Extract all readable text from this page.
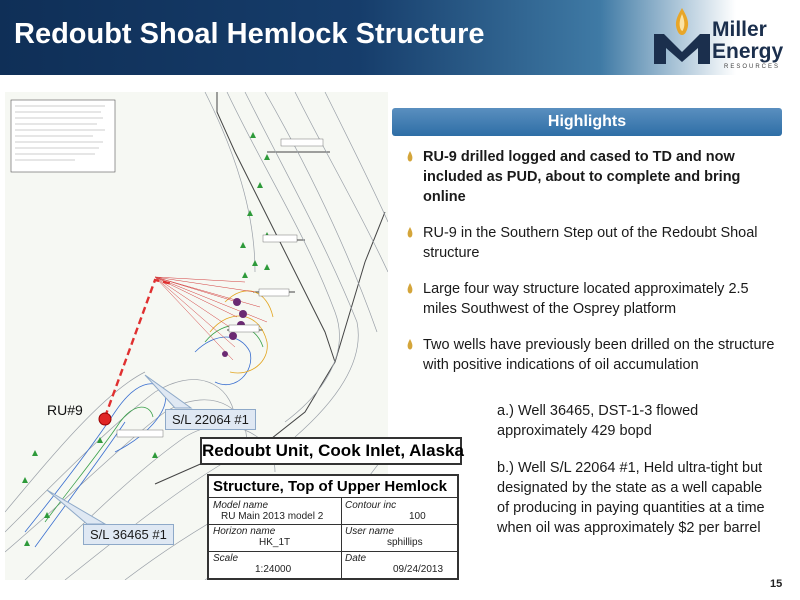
Redoubt Shoal Hemlock Structure	Miller
Energy
RESOURCES
RU#9
S/L 22064 #1
S/L 36465 #1
Redoubt Unit, Cook Inlet, Alaska
Structure, Top of Upper Hemlock
Model name
RU Main 2013 model 2
Contour inc
100
Horizon name
HK_1T
User name
sphillips
Scale
1:24000
Date
09/24/2013
Highlights
RU-9 drilled logged and cased to TD and now included as PUD, about to complete and bring online
RU-9 in the Southern Step out of the Redoubt Shoal structure
Large four way structure located approximately 2.5 miles Southwest of the Osprey platform
Two wells have previously been drilled on the structure with positive indications of oil accumulation
a.) Well 36465, DST-1-3 flowed approximately 429 bopd
b.) Well S/L 22064 #1, Held ultra-tight but designated by the state as a well capable of producing in paying quantities at a time when oil was approximately $2 per barrel
15
